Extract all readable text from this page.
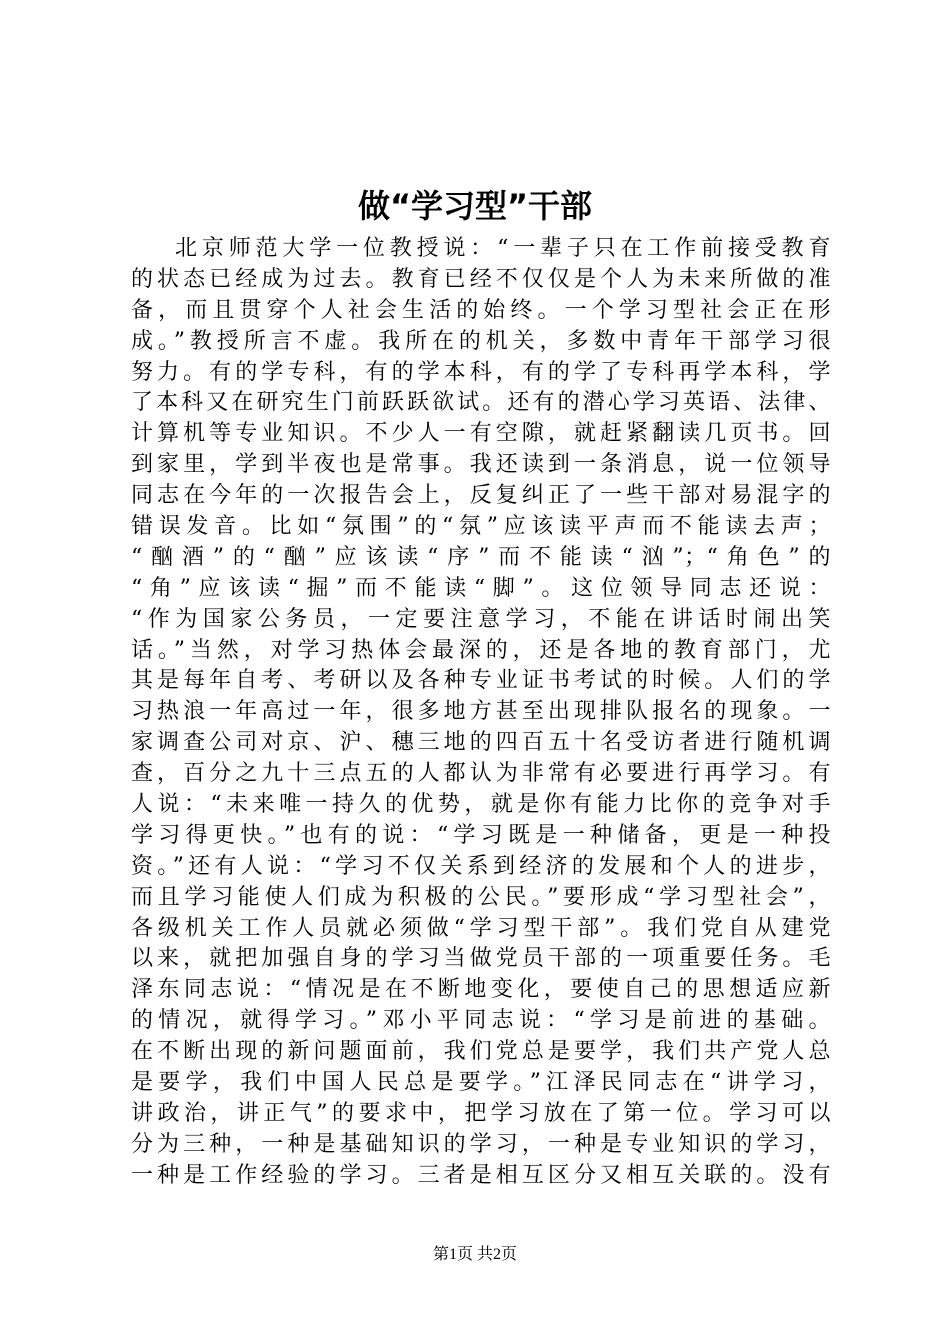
做“学习型”干部
北京师范大学一位教授说：“一辈子只在工作前接受教育
的状态已经成为过去。教育已经不仅仅是个人为未来所做的准
备，而且贯穿个人社会生活的始终。一个学习型社会正在形
成。”教授所言不虚。我所在的机关，多数中青年干部学习很
努力。有的学专科，有的学本科，有的学了专科再学本科，学
了本科又在研究生门前跃跃欲试。还有的潜心学习英语、法律、
计算机等专业知识。不少人一有空隙，就赶紧翻读几页书。回
到家里，学到半夜也是常事。我还读到一条消息，说一位领导
同志在今年的一次报告会上，反复纠正了一些干部对易混字的
错误发音。比如“氛围”的“氛”应该读平声而不能读去声；
“酗酒”的“酗”应该读“序”而不能读“汹”；“角色”的
“角”应该读“掘”而不能读“脚”。这位领导同志还说：
“作为国家公务员，一定要注意学习，不能在讲话时闹出笑
话。”当然，对学习热体会最深的，还是各地的教育部门，尤
其是每年自考、考研以及各种专业证书考试的时候。人们的学
习热浪一年高过一年，很多地方甚至出现排队报名的现象。一
家调查公司对京、沪、穗三地的四百五十名受访者进行随机调
查，百分之九十三点五的人都认为非常有必要进行再学习。有
人说：“未来唯一持久的优势，就是你有能力比你的竞争对手
学习得更快。”也有的说：“学习既是一种储备，更是一种投
资。”还有人说：“学习不仅关系到经济的发展和个人的进步，
而且学习能使人们成为积极的公民。”要形成“学习型社会”，
各级机关工作人员就必须做“学习型干部”。我们党自从建党
以来，就把加强自身的学习当做党员干部的一项重要任务。毛
泽东同志说：“情况是在不断地变化，要使自己的思想适应新
的情况，就得学习。”邓小平同志说：“学习是前进的基础。
在不断出现的新问题面前，我们党总是要学，我们共产党人总
是要学，我们中国人民总是要学。”江泽民同志在“讲学习，
讲政治，讲正气”的要求中，把学习放在了第一位。学习可以
分为三种，一种是基础知识的学习，一种是专业知识的学习，
一种是工作经验的学习。三者是相互区分又相互关联的。没有
第1页 共2页
